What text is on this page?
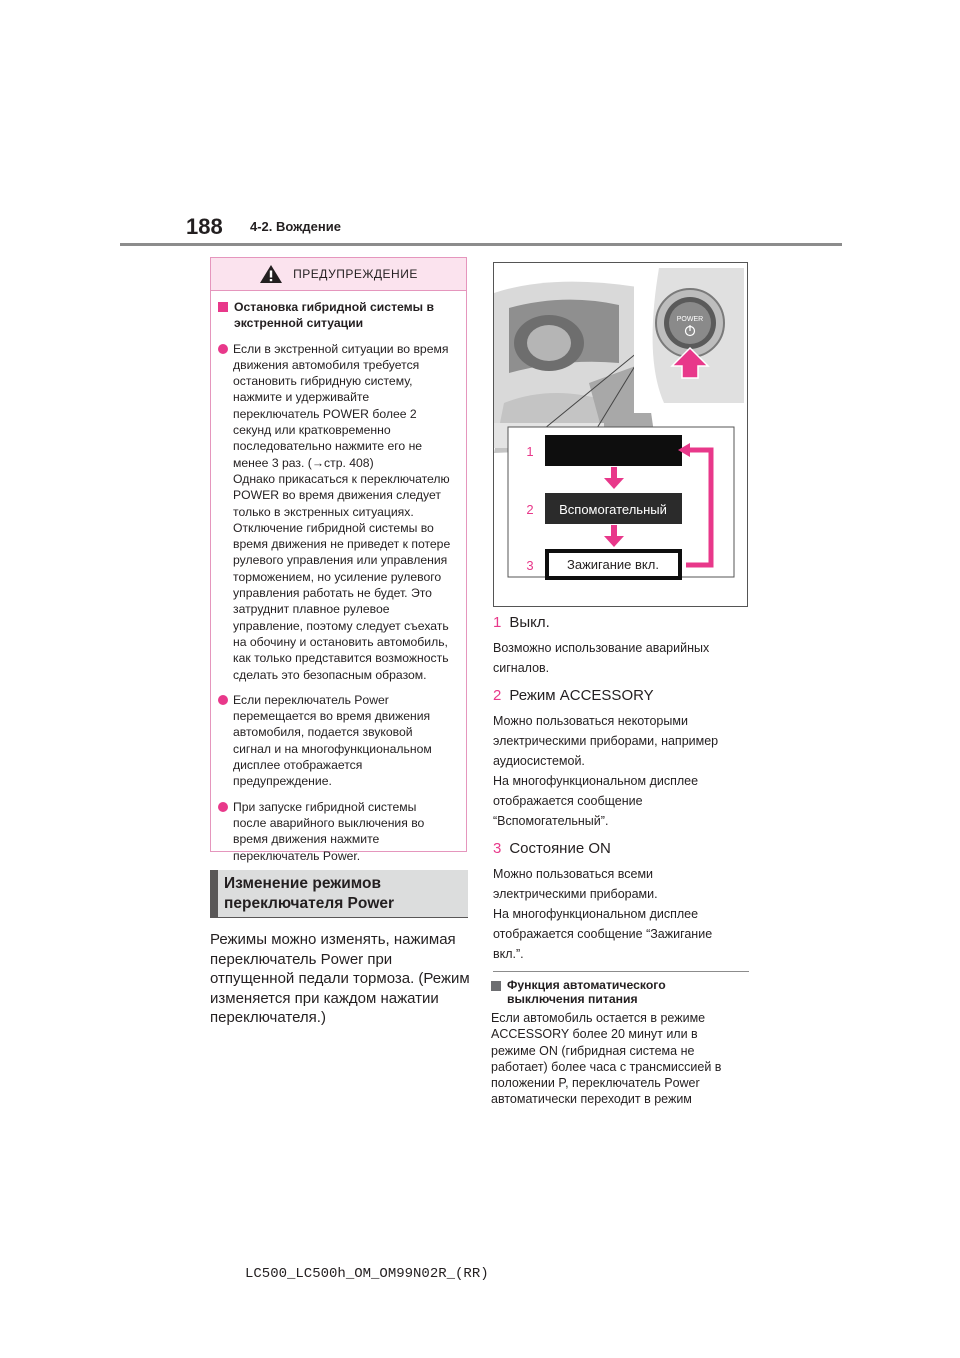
188 4-2. Вождение
ПРЕДУПРЕЖДЕНИЕ
Остановка гибридной системы в
экстренной ситуации
Если в экстренной ситуации во время
движения автомобиля требуется
остановить гибридную систему,
нажмите и удерживайте
переключатель POWER более 2
секунд или кратковременно
последовательно нажмите его не
менее 3 раз. (→стр. 408)
Однако прикасаться к переключателю
POWER во время движения следует
только в экстренных ситуациях.
Отключение гибридной системы во
время движения не приведет к потере
рулевого управления или управления
торможением, но усиление рулевого
управления работать не будет. Это
затруднит плавное рулевое
управление, поэтому следует съехать
на обочину и остановить автомобиль,
как только представится возможность
сделать это безопасным образом.
Если переключатель Power
перемещается во время движения
автомобиля, подается звуковой
сигнал и на многофункциональном
дисплее отображается
предупреждение.
При запуске гибридной системы
после аварийного выключения во
время движения нажмите
переключатель Power.
Изменение режимов
переключателя Power
Режимы можно изменять, нажимая
переключатель Power при
отпущенной педали тормоза. (Режим
изменяется при каждом нажатии
переключателя.)
POWER
1
2
3
Вспомогательный
Зажигание вкл.
1 Выкл.
Возможно использование аварийных
сигналов.
2 Режим ACCESSORY
Можно пользоваться некоторыми
электрическими приборами, например
аудиосистемой.
На многофункциональном дисплее
отображается сообщение
“Вспомогательный”.
3 Состояние ON
Можно пользоваться всеми
электрическими приборами.
На многофункциональном дисплее
отображается сообщение “Зажигание
вкл.”.
Функция автоматического
выключения питания
Если автомобиль остается в режиме
ACCESSORY более 20 минут или в
режиме ON (гибридная система не
работает) более часа с трансмиссией в
положении P, переключатель Power
автоматически переходит в режим
LC500_LC500h_OM_OM99N02R_(RR)
